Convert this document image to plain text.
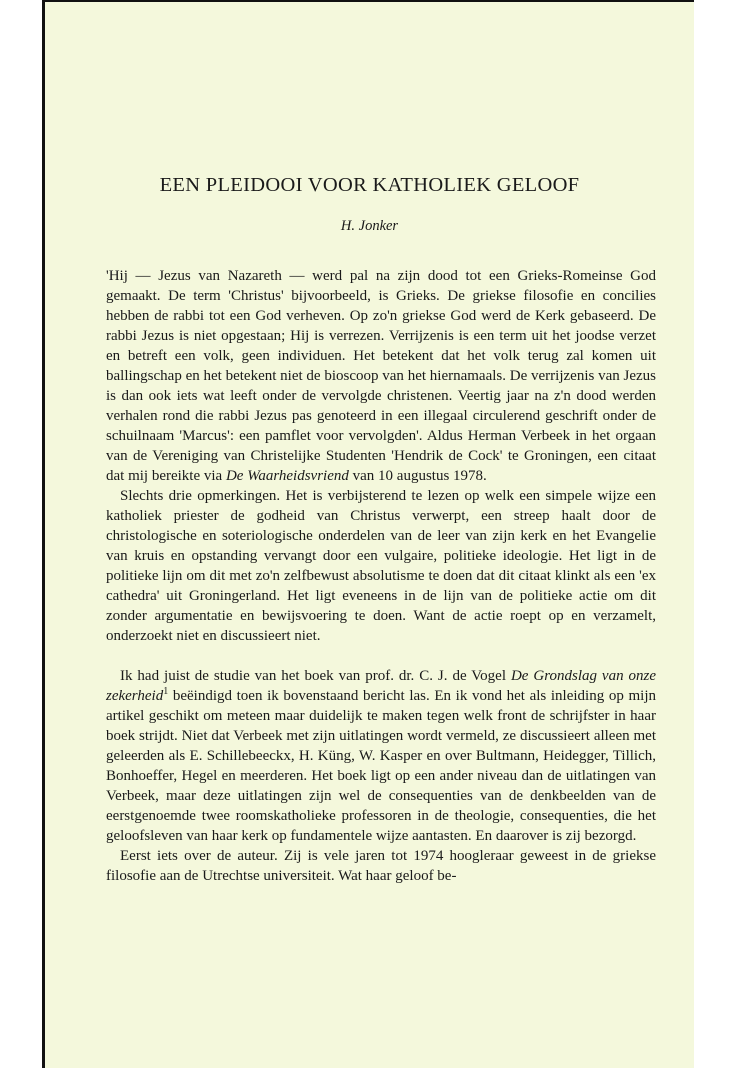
EEN PLEIDOOI VOOR KATHOLIEK GELOOF
H. Jonker

'Hij — Jezus van Nazareth — werd pal na zijn dood tot een Grieks-Romeinse God gemaakt. De term 'Christus' bijvoorbeeld, is Grieks. De griekse filosofie en concilies hebben de rabbi tot een God verheven. Op zo'n griekse God werd de Kerk gebaseerd. De rabbi Jezus is niet opgestaan; Hij is verrezen. Verrijzenis is een term uit het joodse verzet en betreft een volk, geen individuen. Het betekent dat het volk terug zal komen uit ballingschap en het betekent niet de bioscoop van het hiernamaals. De verrijzenis van Jezus is dan ook iets wat leeft onder de vervolgde christenen. Veertig jaar na z'n dood werden verhalen rond die rabbi Jezus pas genoteerd in een illegaal circulerend geschrift onder de schuilnaam 'Marcus': een pamflet voor vervolgden'. Aldus Herman Verbeek in het orgaan van de Vereniging van Christelijke Studenten 'Hendrik de Cock' te Groningen, een citaat dat mij bereikte via De Waarheidsvriend van 10 augustus 1978.

Slechts drie opmerkingen. Het is verbijsterend te lezen op welk een simpele wijze een katholiek priester de godheid van Christus verwerpt, een streep haalt door de christologische en soteriologische onderdelen van de leer van zijn kerk en het Evangelie van kruis en opstanding vervangt door een vulgaire, politieke ideologie. Het ligt in de politieke lijn om dit met zo'n zelfbewust absolutisme te doen dat dit citaat klinkt als een 'ex cathedra' uit Groningerland. Het ligt eveneens in de lijn van de politieke actie om dit zonder argumentatie en bewijsvoering te doen. Want de actie roept op en verzamelt, onderzoekt niet en discussieert niet.

Ik had juist de studie van het boek van prof. dr. C. J. de Vogel De Grondslag van onze zekerheid$^1$ beëindigd toen ik bovenstaand bericht las. En ik vond het als inleiding op mijn artikel geschikt om meteen maar duidelijk te maken tegen welk front de schrijfster in haar boek strijdt. Niet dat Verbeek met zijn uitlatingen wordt vermeld, ze discussieert alleen met geleerden als E. Schillebeeckx, H. Küng, W. Kasper en over Bultmann, Heidegger, Tillich, Bonhoeffer, Hegel en meerderen. Het boek ligt op een ander niveau dan de uitlatingen van Verbeek, maar deze uitlatingen zijn wel de consequenties van de denkbeelden van de eerstgenoemde twee roomskatholieke professoren in de theologie, consequenties, die het geloofsleven van haar kerk op fundamentele wijze aantasten. En daarover is zij bezorgd.

Eerst iets over de auteur. Zij is vele jaren tot 1974 hoogleraar geweest in de griekse filosofie aan de Utrechtse universiteit. Wat haar geloof be-
